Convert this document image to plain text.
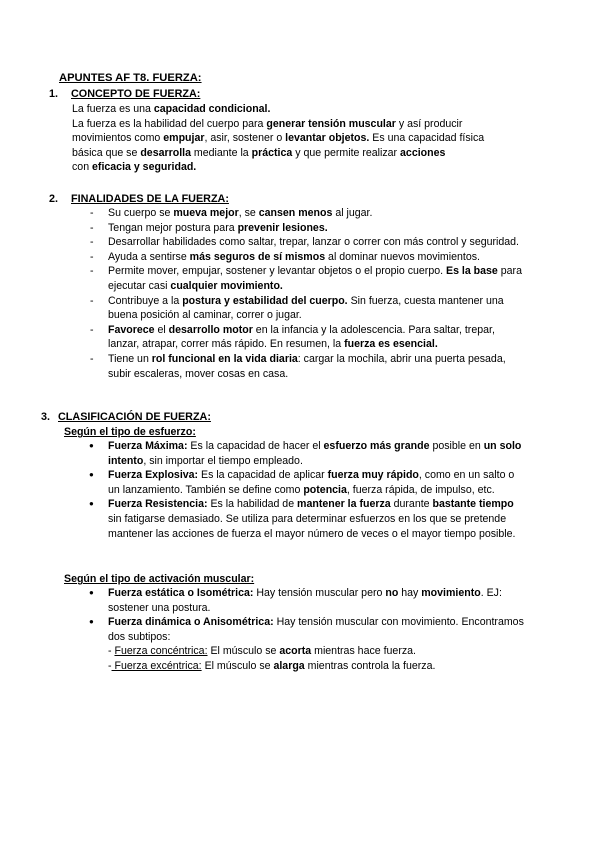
APUNTES AF T8. FUERZA:
1. CONCEPTO DE FUERZA:
La fuerza es una capacidad condicional.
La fuerza es la habilidad del cuerpo para generar tensión muscular y así producir
movimientos como empujar, asir, sostener o levantar objetos. Es una capacidad física
básica que se desarrolla mediante la práctica y que permite realizar acciones
con eficacia y seguridad.
2. FINALIDADES DE LA FUERZA:
- Su cuerpo se mueva mejor, se cansen menos al jugar.
- Tengan mejor postura para prevenir lesiones.
- Desarrollar habilidades como saltar, trepar, lanzar o correr con más control y seguridad.
- Ayuda a sentirse más seguros de sí mismos al dominar nuevos movimientos.
- Permite mover, empujar, sostener y levantar objetos o el propio cuerpo. Es la base para ejecutar casi cualquier movimiento.
- Contribuye a la postura y estabilidad del cuerpo. Sin fuerza, cuesta mantener una buena posición al caminar, correr o jugar.
- Favorece el desarrollo motor en la infancia y la adolescencia. Para saltar, trepar, lanzar, atrapar, correr más rápido. En resumen, la fuerza es esencial.
- Tiene un rol funcional en la vida diaria: cargar la mochila, abrir una puerta pesada, subir escaleras, mover cosas en casa.
3. CLASIFICACIÓN DE FUERZA:
Según el tipo de esfuerzo:
● Fuerza Máxima: Es la capacidad de hacer el esfuerzo más grande posible en un solo intento, sin importar el tiempo empleado.
● Fuerza Explosiva: Es la capacidad de aplicar fuerza muy rápido, como en un salto o un lanzamiento. También se define como potencia, fuerza rápida, de impulso, etc.
● Fuerza Resistencia: Es la habilidad de mantener la fuerza durante bastante tiempo sin fatigarse demasiado. Se utiliza para determinar esfuerzos en los que se pretende mantener las acciones de fuerza el mayor número de veces o el mayor tiempo posible.
Según el tipo de activación muscular:
● Fuerza estática o Isométrica: Hay tensión muscular pero no hay movimiento. EJ: sostener una postura.
● Fuerza dinámica o Anisométrica: Hay tensión muscular con movimiento. Encontramos dos subtipos:
- Fuerza concéntrica: El músculo se acorta mientras hace fuerza.
- Fuerza excéntrica: El músculo se alarga mientras controla la fuerza.
